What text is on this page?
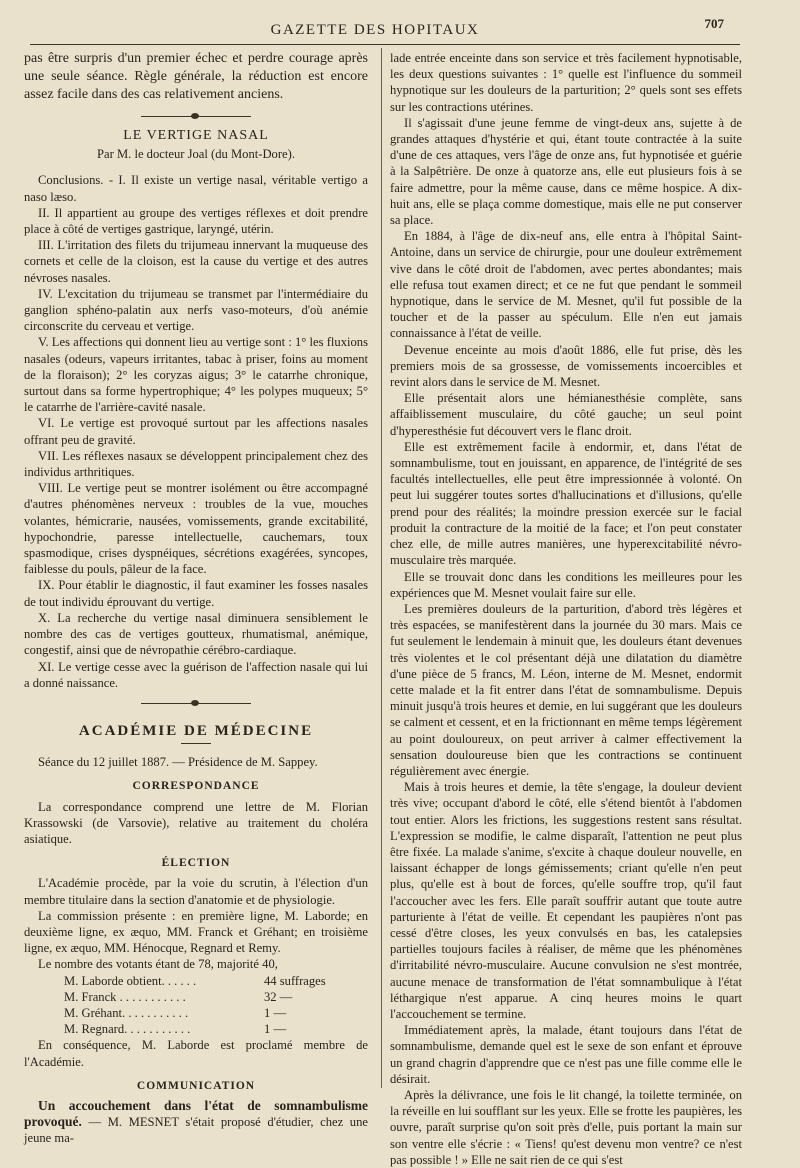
GAZETTE DES HOPITAUX	707

pas être surpris d'un premier échec et perdre courage après une seule séance. Règle générale, la réduction est encore assez facile dans des cas relativement anciens.

LE VERTIGE NASAL
Par M. le docteur Joal (du Mont-Dore).

Conclusions. - I. Il existe un vertige nasal, véritable vertigo a naso læso.

II. Il appartient au groupe des vertiges réflexes et doit prendre place à côté de vertiges gastrique, laryngé, utérin.

III. L'irritation des filets du trijumeau innervant la muqueuse des cornets et celle de la cloison, est la cause du vertige et des autres névroses nasales.

IV. L'excitation du trijumeau se transmet par l'intermédiaire du ganglion sphéno-palatin aux nerfs vaso-moteurs, d'où anémie circonscrite du cerveau et vertige.

V. Les affections qui donnent lieu au vertige sont : 1° les fluxions nasales (odeurs, vapeurs irritantes, tabac à priser, foins au moment de la floraison); 2° les coryzas aigus; 3° le catarrhe chronique, surtout dans sa forme hypertrophique; 4° les polypes muqueux; 5° le catarrhe de l'arrière-cavité nasale.

VI. Le vertige est provoqué surtout par les affections nasales offrant peu de gravité.

VII. Les réflexes nasaux se développent principalement chez des individus arthritiques.

VIII. Le vertige peut se montrer isolément ou être accompagné d'autres phénomènes nerveux : troubles de la vue, mouches volantes, hémicrarie, nausées, vomissements, grande excitabilité, hypochondrie, paresse intellectuelle, cauchemars, toux spasmodique, crises dyspnéiques, sécrétions exagérées, syncopes, faiblesse du pouls, pâleur de la face.

IX. Pour établir le diagnostic, il faut examiner les fosses nasales de tout individu éprouvant du vertige.

X. La recherche du vertige nasal diminuera sensiblement le nombre des cas de vertiges goutteux, rhumatismal, anémique, congestif, ainsi que de névropathie cérébro-cardiaque.

XI. Le vertige cesse avec la guérison de l'affection nasale qui lui a donné naissance.

ACADÉMIE DE MÉDECINE

Séance du 12 juillet 1887. — Présidence de M. Sappey.

CORRESPONDANCE

La correspondance comprend une lettre de M. Florian Krassowski (de Varsovie), relative au traitement du choléra asiatique.

ÉLECTION

L'Académie procède, par la voie du scrutin, à l'élection d'un membre titulaire dans la section d'anatomie et de physiologie.

La commission présente : en première ligne, M. Laborde; en deuxième ligne, ex æquo, MM. Franck et Gréhant; en troisième ligne, ex æquo, MM. Hénocque, Regnard et Remy.

Le nombre des votants étant de 78, majorité 40,

M. Laborde obtient. . . . . .	44 suffrages
M. Franck . . . . . . . . . . .	32 —
M. Gréhant. . . . . . . . . . .	1 —
M. Regnard. . . . . . . . . . .	1 —

En conséquence, M. Laborde est proclamé membre de l'Académie.

COMMUNICATION

Un accouchement dans l'état de somnambulisme provoqué. — M. MESNET s'était proposé d'étudier, chez une jeune ma-

lade entrée enceinte dans son service et très facilement hypnotisable, les deux questions suivantes : 1° quelle est l'influence du sommeil hypnotique sur les douleurs de la parturition; 2° quels sont ses effets sur les contractions utérines.

Il s'agissait d'une jeune femme de vingt-deux ans, sujette à de grandes attaques d'hystérie et qui, étant toute contractée à la suite d'une de ces attaques, vers l'âge de onze ans, fut hypnotisée et guérie à la Salpêtrière. De onze à quatorze ans, elle eut plusieurs fois à se faire admettre, pour la même cause, dans ce même hospice. A dix-huit ans, elle se plaça comme domestique, mais elle ne put conserver sa place.

En 1884, à l'âge de dix-neuf ans, elle entra à l'hôpital Saint-Antoine, dans un service de chirurgie, pour une douleur extrêmement vive dans le côté droit de l'abdomen, avec pertes abondantes; mais elle refusa tout examen direct; et ce ne fut que pendant le sommeil hypnotique, dans le service de M. Mesnet, qu'il fut possible de la toucher et de la passer au spéculum. Elle n'en eut jamais connaissance à l'état de veille.

Devenue enceinte au mois d'août 1886, elle fut prise, dès les premiers mois de sa grossesse, de vomissements incoercibles et revint alors dans le service de M. Mesnet.

Elle présentait alors une hémianesthésie complète, sans affaiblissement musculaire, du côté gauche; un seul point d'hyperesthésie fut découvert vers le flanc droit.

Elle est extrêmement facile à endormir, et, dans l'état de somnambulisme, tout en jouissant, en apparence, de l'intégrité de ses facultés intellectuelles, elle peut être impressionnée à volonté. On peut lui suggérer toutes sortes d'hallucinations et d'illusions, qu'elle prend pour des réalités; la moindre pression exercée sur le facial produit la contracture de la moitié de la face; et l'on peut constater chez elle, de mille autres manières, une hyperexcitabilité névro-musculaire très marquée.

Elle se trouvait donc dans les conditions les meilleures pour les expériences que M. Mesnet voulait faire sur elle.

Les premières douleurs de la parturition, d'abord très légères et très espacées, se manifestèrent dans la journée du 30 mars. Mais ce fut seulement le lendemain à minuit que, les douleurs étant devenues très violentes et le col présentant déjà une dilatation du diamètre d'une pièce de 5 francs, M. Léon, interne de M. Mesnet, endormit cette malade et la fit entrer dans l'état de somnambulisme. Depuis minuit jusqu'à trois heures et demie, en lui suggérant que les douleurs se calment et cessent, et en la frictionnant en même temps légèrement au point douloureux, on peut arriver à calmer effectivement la sensation douloureuse bien que les contractions se continuent régulièrement avec énergie.

Mais à trois heures et demie, la tête s'engage, la douleur devient très vive; occupant d'abord le côté, elle s'étend bientôt à l'abdomen tout entier. Alors les frictions, les suggestions restent sans résultat. L'expression se modifie, le calme disparaît, l'attention ne peut plus être fixée. La malade s'anime, s'excite à chaque douleur nouvelle, en laissant échapper de longs gémissements; criant qu'elle n'en peut plus, qu'elle est à bout de forces, qu'elle souffre trop, qu'il faut l'accoucher avec les fers. Elle paraît souffrir autant que toute autre parturiente à l'état de veille. Et cependant les paupières n'ont pas cessé d'être closes, les yeux convulsés en bas, les catalepsies partielles toujours faciles à réaliser, de même que les phénomènes d'irritabilité névro-musculaire. Aucune convulsion ne s'est montrée, aucune menace de transformation de l'état somnambulique à l'état léthargique n'est apparue. A cinq heures moins le quart l'accouchement se termine.

Immédiatement après, la malade, étant toujours dans l'état de somnambulisme, demande quel est le sexe de son enfant et éprouve un grand chagrin d'apprendre que ce n'est pas une fille comme elle le désirait.

Après la délivrance, une fois le lit changé, la toilette terminée, on la réveille en lui soufflant sur les yeux. Elle se frotte les paupières, les ouvre, paraît surprise qu'on soit près d'elle, puis portant la main sur son ventre elle s'écrie : « Tiens! qu'est devenu mon ventre? ce n'est pas possible ! » Elle ne sait rien de ce qui s'est
